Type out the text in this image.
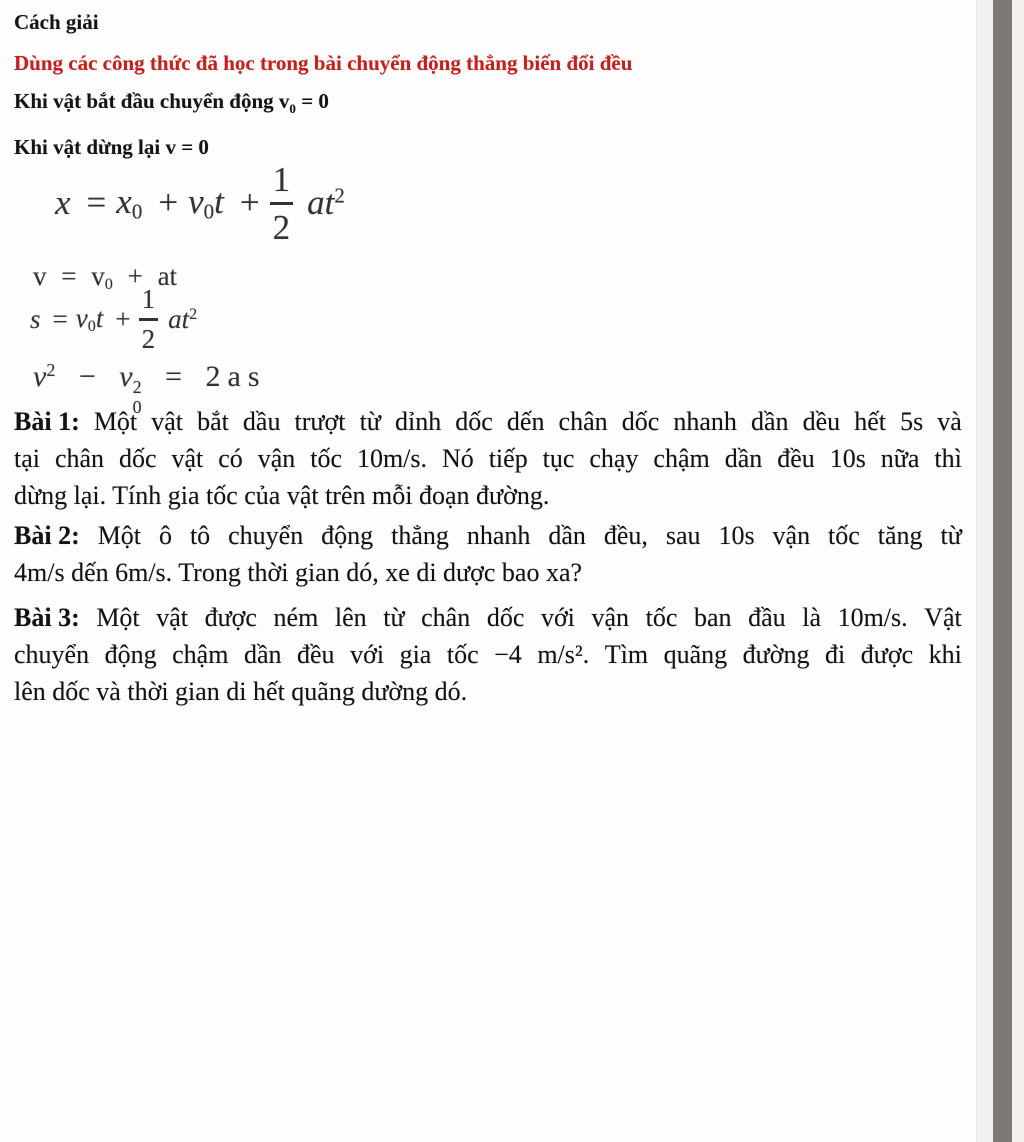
Cách giải
Dùng các công thức đã học trong bài chuyển động thẳng biến đổi đều
Khi vật bắt đầu chuyển động $v_0 = 0$
Khi vật dừng lại v = 0
$x = x0 + v0t + \frac{1}{2} at^2$
v = v0 + at
$s = v0t + \frac{1}{2} at^2$
$v^2 - v$ 2
0
= 2as
Bài 1: Một vật bắt dầu trượt từ dỉnh dốc dến chân dốc nhanh dần dều hết 5s và
tại chân dốc vật có vận tốc 10m/s. Nó tiếp tục chạy chậm dần đều 10s nữa thì
dừng lại. Tính gia tốc của vật trên mỗi đoạn đường.
Bài 2: Một ô tô chuyển động thẳng nhanh dần đều, sau 10s vận tốc tăng từ
4m/s dến 6m/s. Trong thời gian dó, xe di dược bao xa?
Bài 3: Một vật được ném lên từ chân dốc với vận tốc ban đầu là 10m/s. Vật
chuyển động chậm dần đều với gia tốc −4 m/s². Tìm quãng đường đi được khi
lên dốc và thời gian di hết quãng dường dó.
